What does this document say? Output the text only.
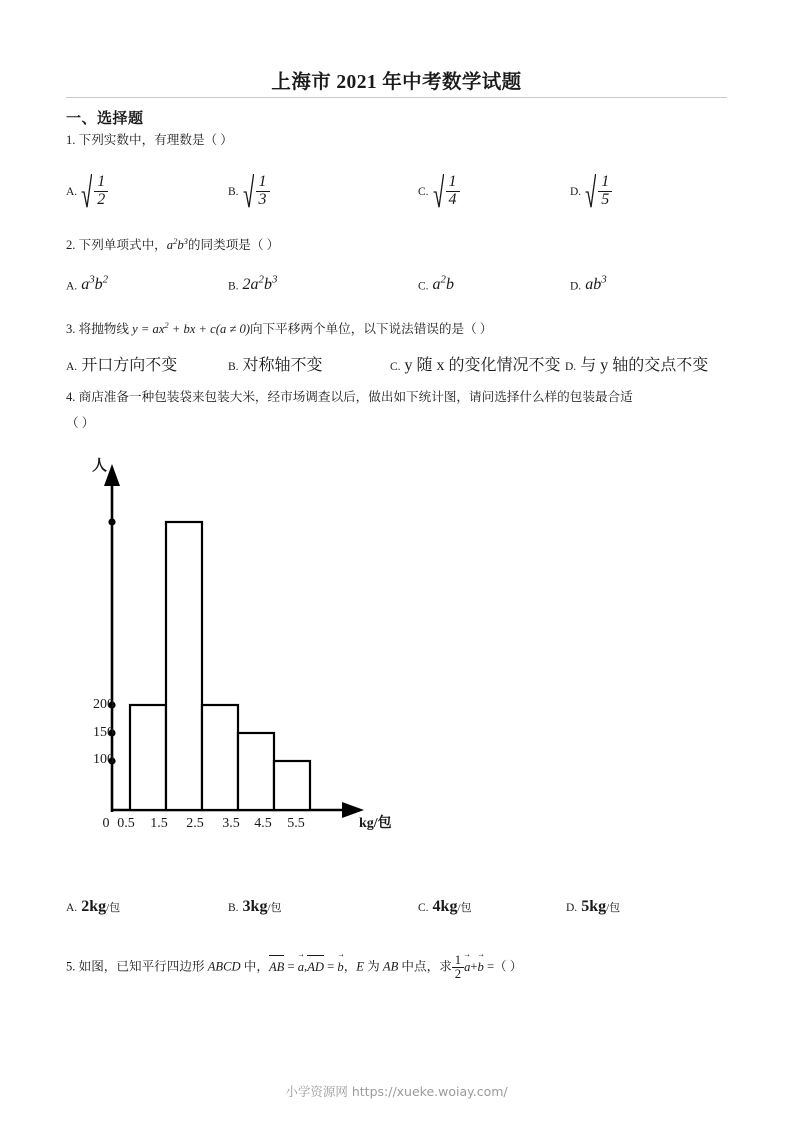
上海市 2021 年中考数学试题
一、选择题
1. 下列实数中，有理数是（ ）
A. $\frac{1}{2}$	B. $\frac{1}{3}$	C. $\frac{1}{4}$	D. $\frac{1}{5}$
2. 下列单项式中，$a^2b^3$的同类项是（ ）
A. $a^3b^2$
B. $2a^2b^3$
C. $a^2b$	D. $ab^3$
3. 将抛物线 $y = ax^2$ + bx + c(a ≠ 0)向下平移两个单位，以下说法错误的是（ ）
A. 开口方向不变	B. 对称轴不变	C. y 随 x 的变化情况不变 D. 与 y 轴的交点不变
4. 商店准备一种包装袋来包装大米，经市场调查以后，做出如下统计图，请问选择什么样的包装最合适
（ ）
人
kg/包
100
150
200
0 0.5	1.5	2.5	3.5	4.5	5.5
A. 2kg/包	B. 3kg/包	C. 4kg/包	D. 5kg/包
5. 如图，已知平行四边形 ABCD 中，AB = → a,AD = → b，E 为 AB 中点，求 $\frac{1}{2} \to a+\to b$ =（ ）
小学资源网 https://xueke.woiay.com/
